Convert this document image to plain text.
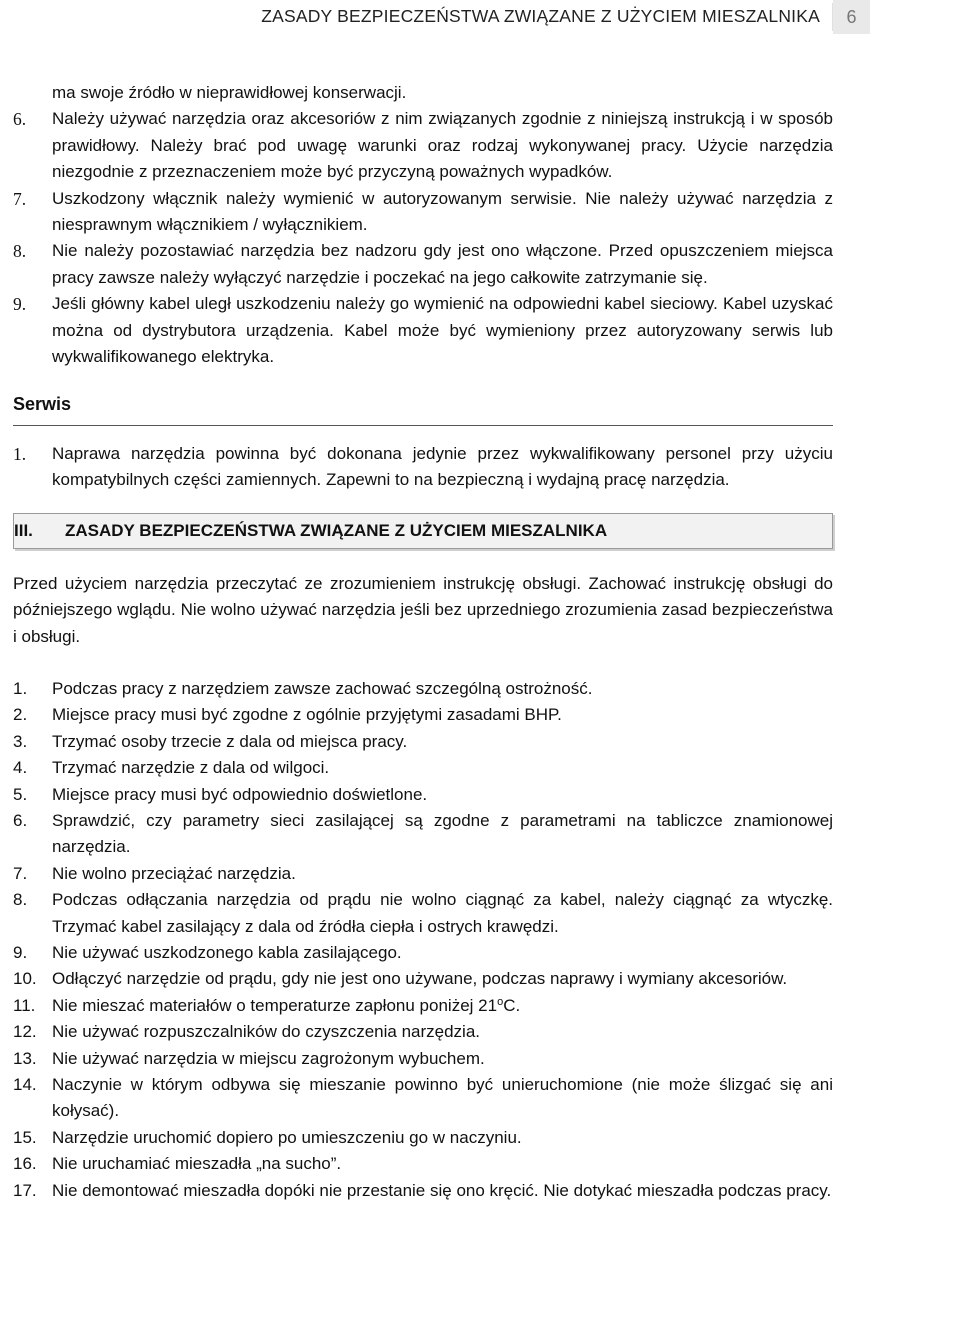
ZASADY BEZPIECZEŃSTWA ZWIĄZANE Z UŻYCIEM MIESZALNIKA	6
ma swoje źródło w nieprawidłowej konserwacji.
6. Należy używać narzędzia oraz akcesoriów z nim związanych zgodnie z niniejszą instrukcją i w sposób prawidłowy. Należy brać pod uwagę warunki oraz rodzaj wykonywanej pracy. Użycie narzędzia niezgodnie z przeznaczeniem może być przyczyną poważnych wypadków.
7. Uszkodzony włącznik należy wymienić w autoryzowanym serwisie. Nie należy używać narzędzia z niesprawnym włącznikiem / wyłącznikiem.
8. Nie należy pozostawiać narzędzia bez nadzoru gdy jest ono włączone. Przed opuszczeniem miejsca pracy zawsze należy wyłączyć narzędzie i poczekać na jego całkowite zatrzymanie się.
9. Jeśli główny kabel uległ uszkodzeniu należy go wymienić na odpowiedni kabel sieciowy. Kabel uzyskać można od dystrybutora urządzenia. Kabel może być wymieniony przez autoryzowany serwis lub wykwalifikowanego elektryka.
Serwis
1. Naprawa narzędzia powinna być dokonana jedynie przez wykwalifikowany personel przy użyciu kompatybilnych części zamiennych. Zapewni to na bezpieczną i wydajną pracę narzędzia.
III. ZASADY BEZPIECZEŃSTWA ZWIĄZANE Z UŻYCIEM MIESZALNIKA
Przed użyciem narzędzia przeczytać ze zrozumieniem instrukcję obsługi. Zachować instrukcję obsługi do późniejszego wglądu. Nie wolno używać narzędzia jeśli bez uprzedniego zrozumienia zasad bezpieczeństwa i obsługi.
1. Podczas pracy z narzędziem zawsze zachować szczególną ostrożność.
2. Miejsce pracy musi być zgodne z ogólnie przyjętymi zasadami BHP.
3. Trzymać osoby trzecie z dala od miejsca pracy.
4. Trzymać narzędzie z dala od wilgoci.
5. Miejsce pracy musi być odpowiednio doświetlone.
6. Sprawdzić, czy parametry sieci zasilającej są zgodne z parametrami na tabliczce znamionowej narzędzia.
7. Nie wolno przeciążać narzędzia.
8. Podczas odłączania narzędzia od prądu nie wolno ciągnąć za kabel, należy ciągnąć za wtyczkę. Trzymać kabel zasilający z dala od źródła ciepła i ostrych krawędzi.
9. Nie używać uszkodzonego kabla zasilającego.
10. Odłączyć narzędzie od prądu, gdy nie jest ono używane, podczas naprawy i wymiany akcesoriów.
11. Nie mieszać materiałów o temperaturze zapłonu poniżej 21$^o$C.
12. Nie używać rozpuszczalników do czyszczenia narzędzia.
13. Nie używać narzędzia w miejscu zagrożonym wybuchem.
14. Naczynie w którym odbywa się mieszanie powinno być unieruchomione (nie może ślizgać się ani kołysać).
15. Narzędzie uruchomić dopiero po umieszczeniu go w naczyniu.
16. Nie uruchamiać mieszadła „na sucho”.
17. Nie demontować mieszadła dopóki nie przestanie się ono kręcić. Nie dotykać mieszadła podczas pracy.
